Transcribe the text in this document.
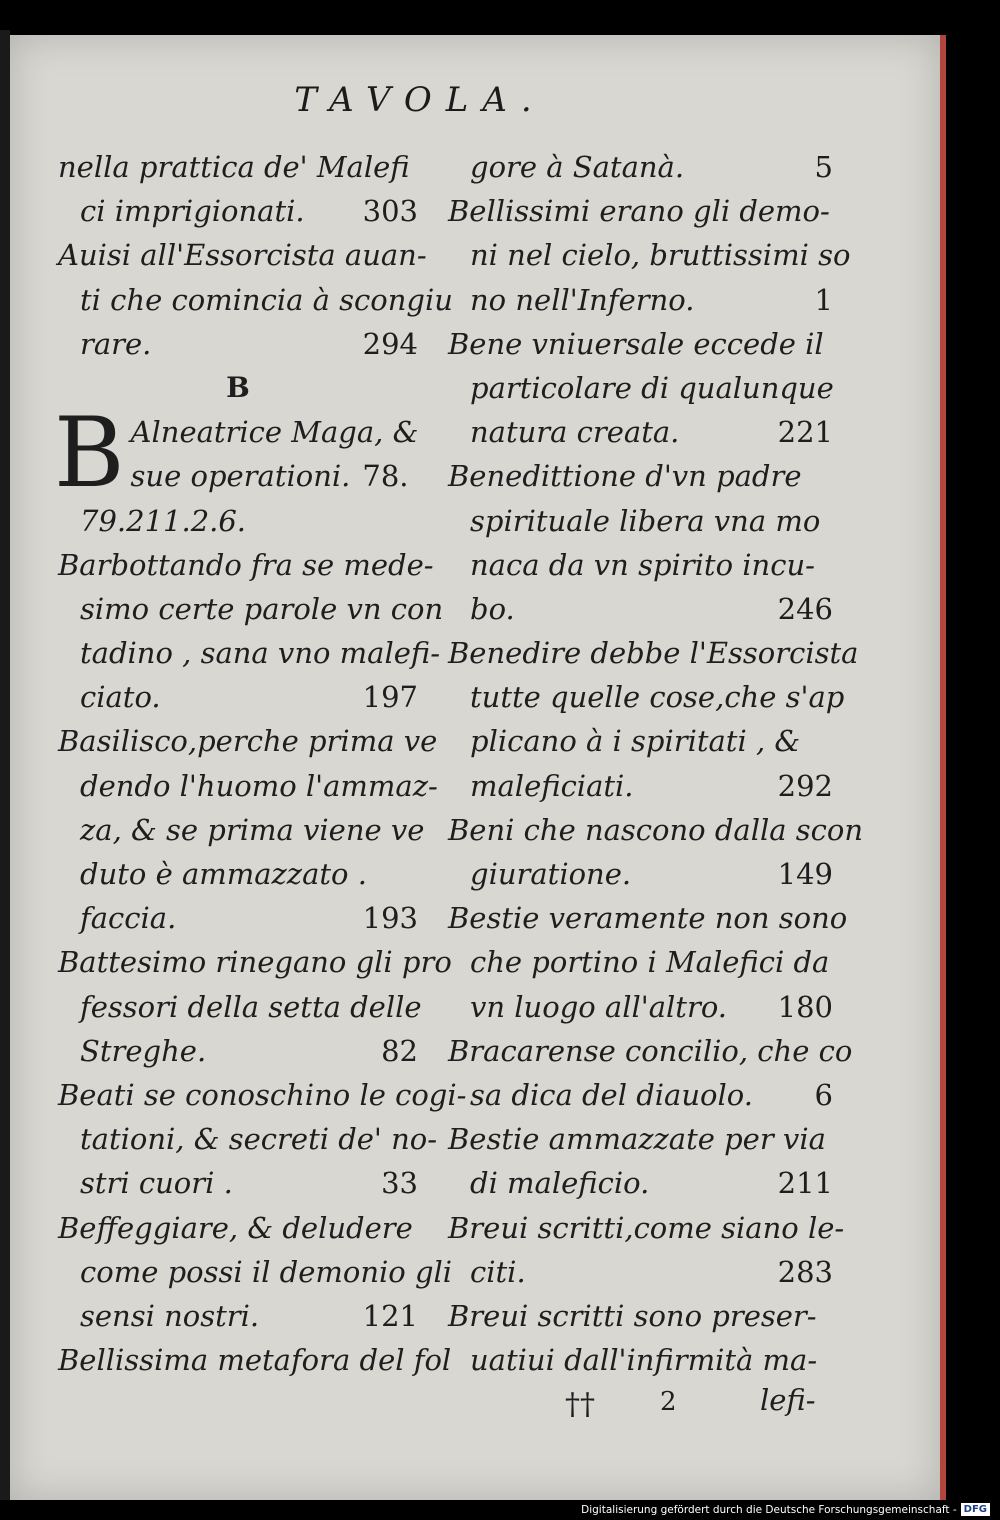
TAVOLA.
nella prattica de' Malefi
ci imprigionati. 303
Auisi all'Essorcista auan-
ti che comincia à scongiu
rare.	294
B
B Alneatrice Maga, &
sue operationi. 78.
79.211.2.6.
Barbottando fra se mede-
simo certe parole vn con
tadino , sana vno malefi-
ciato.	197
Basilisco,perche prima ve
dendo l'huomo l'ammaz-
za, & se prima viene ve
duto è ammazzato .
faccia.	193
Battesimo rinegano gli pro
fessori della setta delle
Streghe.	82
Beati se conoschino le cogi-
tationi, & secreti de' no-
stri cuori .	33
Beffeggiare, & deludere
come possi il demonio gli
sensi nostri.	121
Bellissima metafora del fol
gore à Satanà.	5
Bellissimi erano gli demo-
ni nel cielo, bruttissimi so
no nell'Inferno.	1
Bene vniuersale eccede il
particolare di qualunque
natura creata.	221
Benedittione d'vn padre
spirituale libera vna mo
naca da vn spirito incu-
bo.	246
Benedire debbe l'Essorcista
tutte quelle cose,che s'ap
plicano à i spiritati , &
maleficiati.	292
Beni che nascono dalla scon
giuratione.	149
Bestie veramente non sono
che portino i Malefici da
vn luogo all'altro. 180
Bracarense concilio, che co
sa dica del diauolo. 6
Bestie ammazzate per via
di maleficio.	211
Breui scritti,come siano le-
citi.	283
Breui scritti sono preser-
uatiui dall'infirmità ma-
††	2	lefi-
Digitalisierung gefördert durch die Deutsche Forschungsgemeinschaft - DFG
